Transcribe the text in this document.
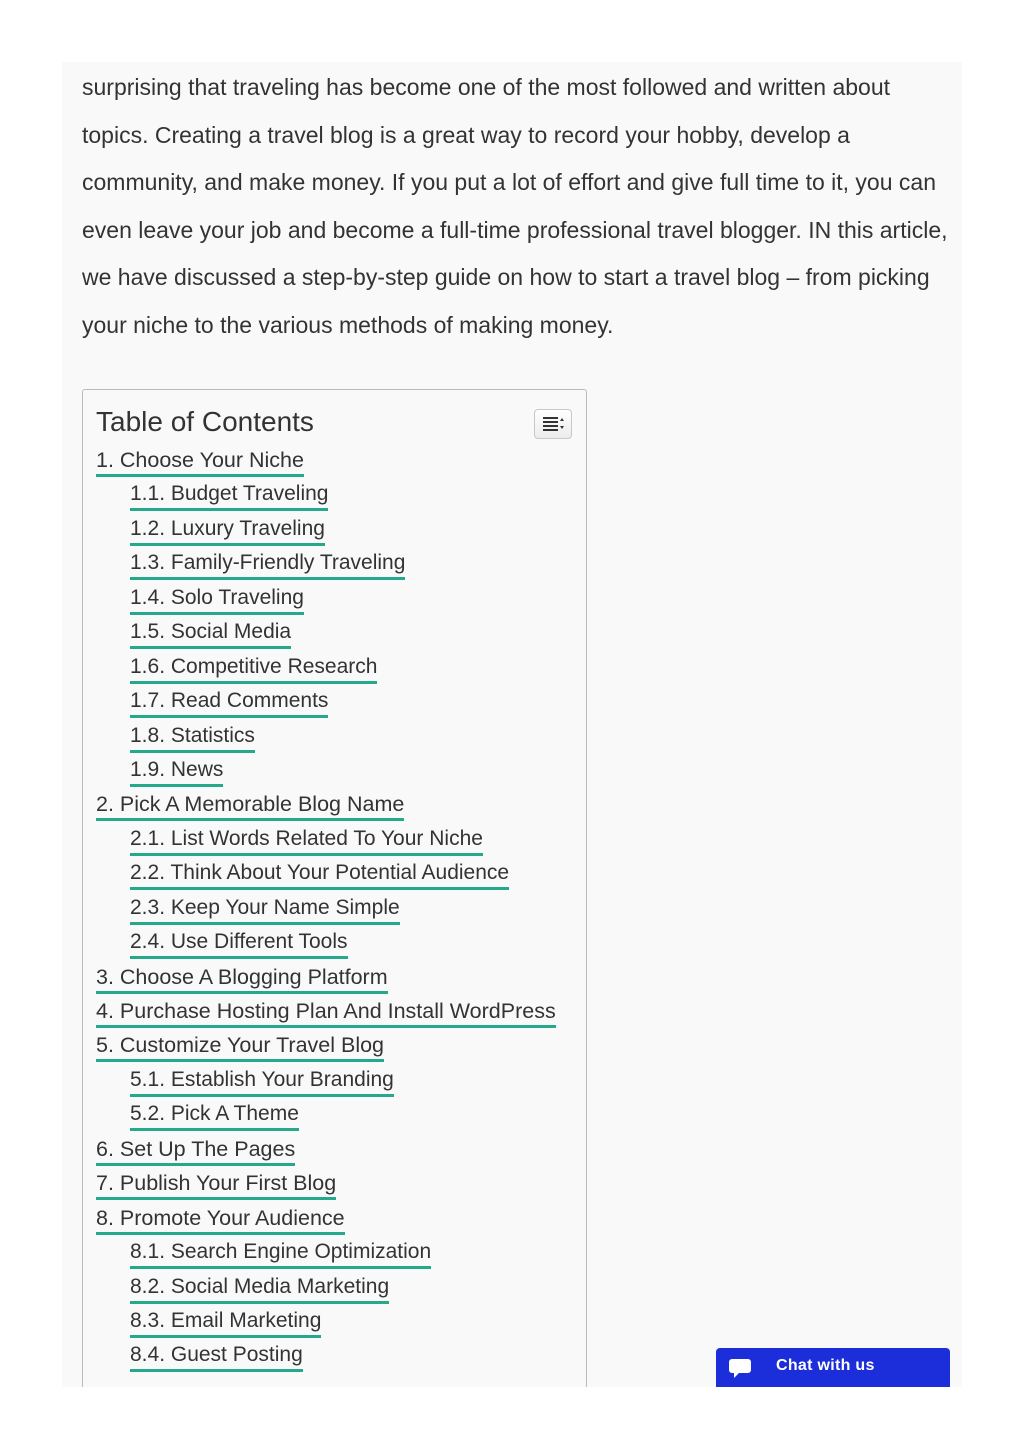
surprising that traveling has become one of the most followed and written about topics. Creating a travel blog is a great way to record your hobby, develop a community, and make money. If you put a lot of effort and give full time to it, you can even leave your job and become a full-time professional travel blogger. IN this article, we have discussed a step-by-step guide on how to start a travel blog – from picking your niche to the various methods of making money.

Table of Contents
1. Choose Your Niche
1.1. Budget Traveling
1.2. Luxury Traveling
1.3. Family-Friendly Traveling
1.4. Solo Traveling
1.5. Social Media
1.6. Competitive Research
1.7. Read Comments
1.8. Statistics
1.9. News
2. Pick A Memorable Blog Name
2.1. List Words Related To Your Niche
2.2. Think About Your Potential Audience
2.3. Keep Your Name Simple
2.4. Use Different Tools
3. Choose A Blogging Platform
4. Purchase Hosting Plan And Install WordPress
5. Customize Your Travel Blog
5.1. Establish Your Branding
5.2. Pick A Theme
6. Set Up The Pages
7. Publish Your First Blog
8. Promote Your Audience
8.1. Search Engine Optimization
8.2. Social Media Marketing
8.3. Email Marketing
8.4. Guest Posting	Chat with us
